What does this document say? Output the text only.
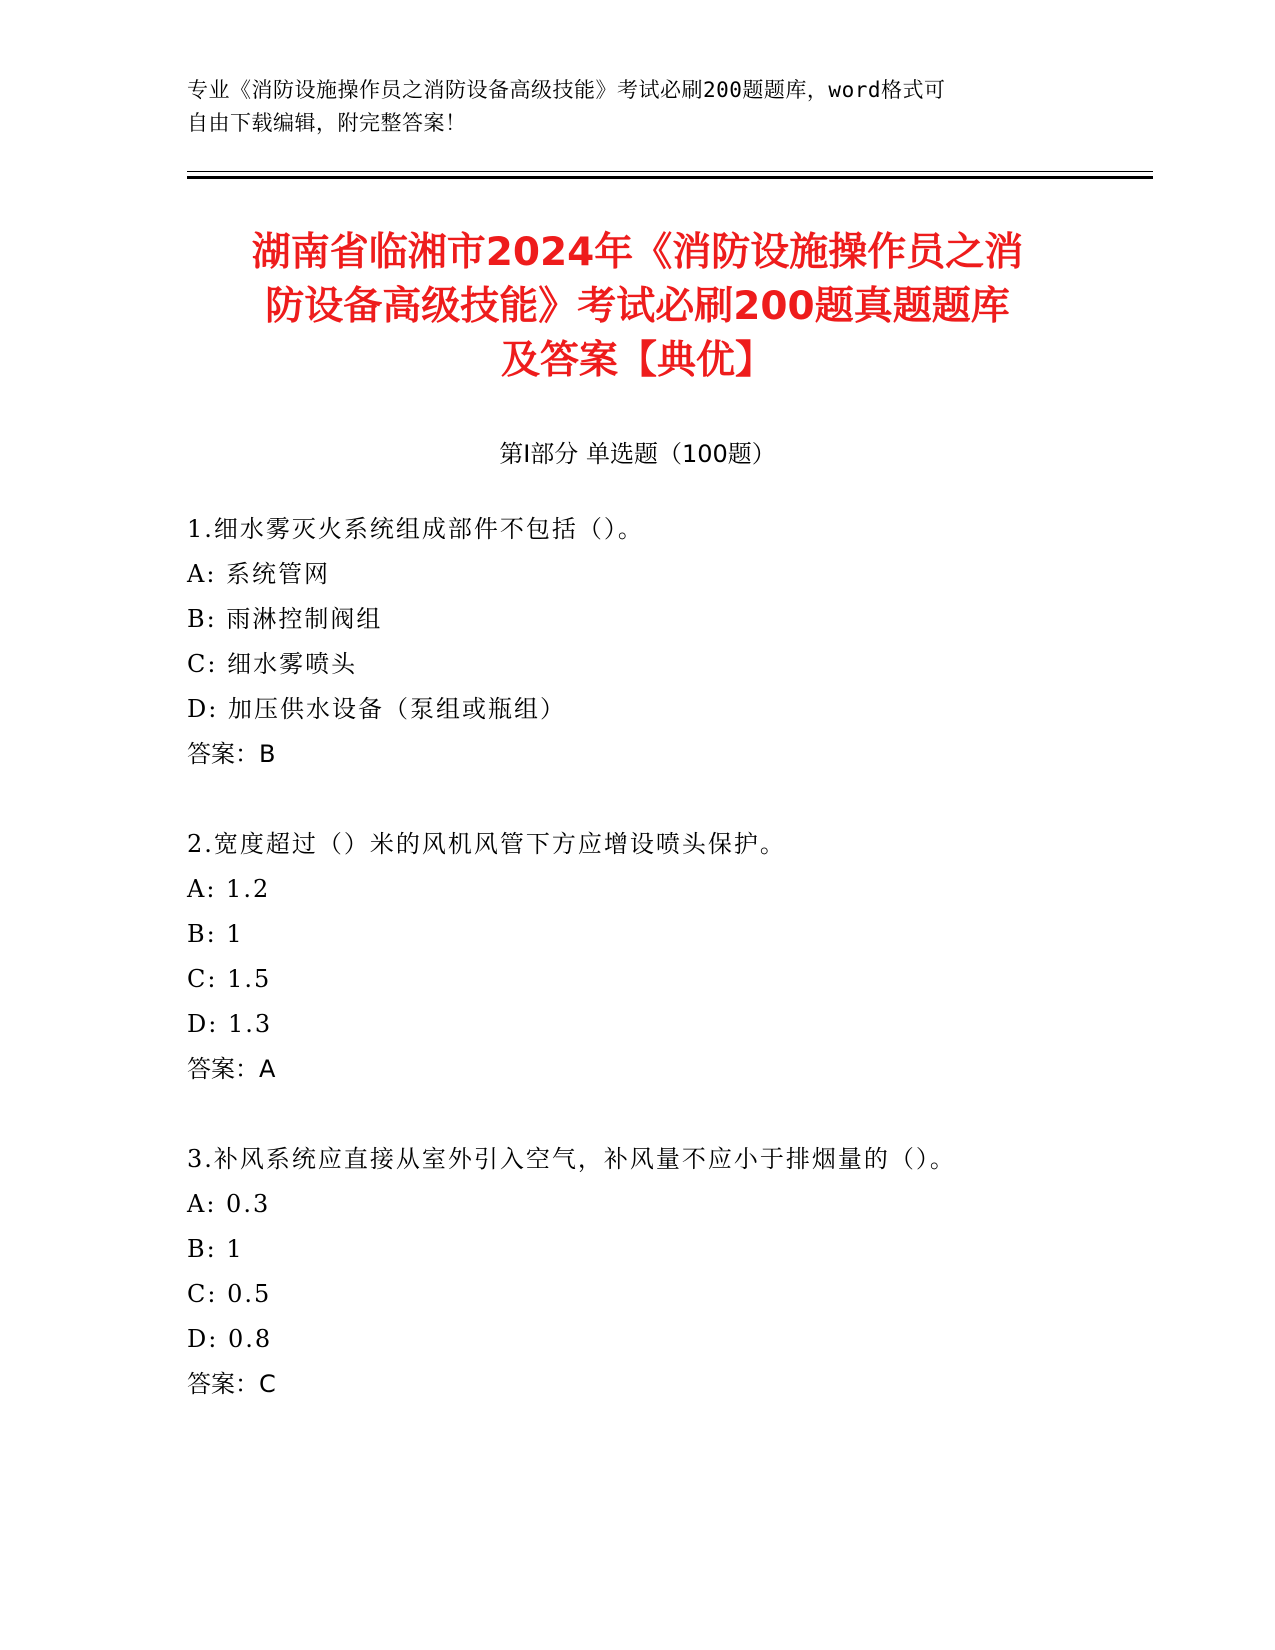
专业《消防设施操作员之消防设备高级技能》考试必刷200题题库，word格式可
自由下载编辑，附完整答案！
湖南省临湘市2024年《消防设施操作员之消
防设备高级技能》考试必刷200题真题题库
及答案【典优】
第Ⅰ部分 单选题（100题）
1.细水雾灭火系统组成部件不包括（）。
A: 系统管网
B: 雨淋控制阀组
C: 细水雾喷头
D: 加压供水设备（泵组或瓶组）
答案：B
2.宽度超过（）米的风机风管下方应增设喷头保护。
A: 1.2
B: 1
C: 1.5
D: 1.3
答案：A
3.补风系统应直接从室外引入空气，补风量不应小于排烟量的（）。
A: 0.3
B: 1
C: 0.5
D: 0.8
答案：C
